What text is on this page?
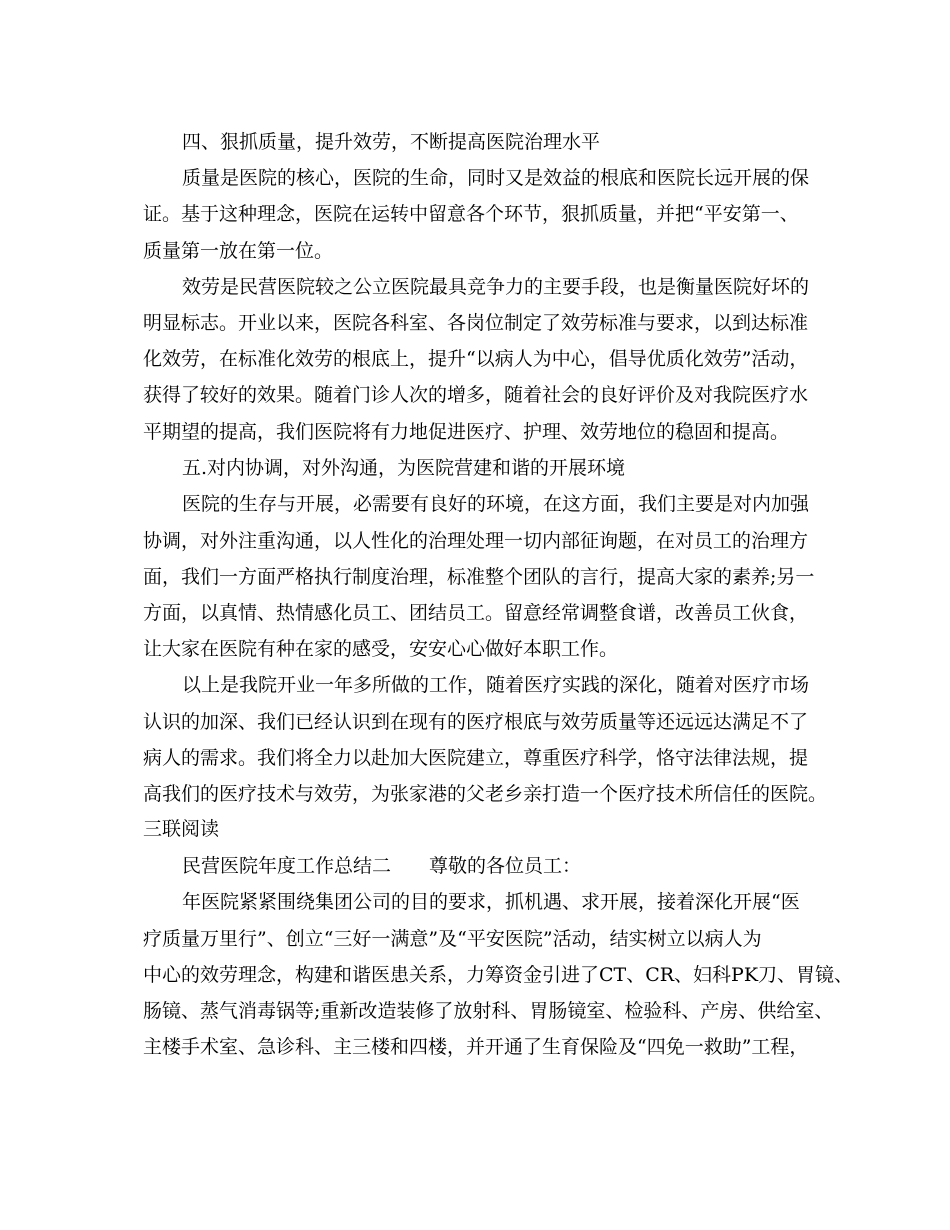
四、狠抓质量，提升效劳，不断提高医院治理水平
质量是医院的核心，医院的生命，同时又是效益的根底和医院长远开展的保
证。基于这种理念，医院在运转中留意各个环节，狠抓质量，并把“平安第一、
质量第一放在第一位。
效劳是民营医院较之公立医院最具竞争力的主要手段，也是衡量医院好坏的
明显标志。开业以来，医院各科室、各岗位制定了效劳标准与要求，以到达标准
化效劳，在标准化效劳的根底上，提升“以病人为中心，倡导优质化效劳”活动，
获得了较好的效果。随着门诊人次的增多，随着社会的良好评价及对我院医疗水
平期望的提高，我们医院将有力地促进医疗、护理、效劳地位的稳固和提高。
五.对内协调，对外沟通，为医院营建和谐的开展环境
医院的生存与开展，必需要有良好的环境，在这方面，我们主要是对内加强
协调，对外注重沟通，以人性化的治理处理一切内部征询题，在对员工的治理方
面，我们一方面严格执行制度治理，标准整个团队的言行，提高大家的素养;另一
方面，以真情、热情感化员工、团结员工。留意经常调整食谱，改善员工伙食，
让大家在医院有种在家的感受，安安心心做好本职工作。
以上是我院开业一年多所做的工作，随着医疗实践的深化，随着对医疗市场
认识的加深、我们已经认识到在现有的医疗根底与效劳质量等还远远达满足不了
病人的需求。我们将全力以赴加大医院建立，尊重医疗科学，恪守法律法规，提
高我们的医疗技术与效劳，为张家港的父老乡亲打造一个医疗技术所信任的医院。
三联阅读
民营医院年度工作总结二　　尊敬的各位员工：
年医院紧紧围绕集团公司的目的要求，抓机遇、求开展，接着深化开展“医
疗质量万里行”、创立“三好一满意”及“平安医院”活动，结实树立以病人为
中心的效劳理念，构建和谐医患关系，力筹资金引进了CT、CR、妇科PK刀、胃镜、
肠镜、蒸气消毒锅等;重新改造装修了放射科、胃肠镜室、检验科、产房、供给室、
主楼手术室、急诊科、主三楼和四楼，并开通了生育保险及“四免一救助”工程，
